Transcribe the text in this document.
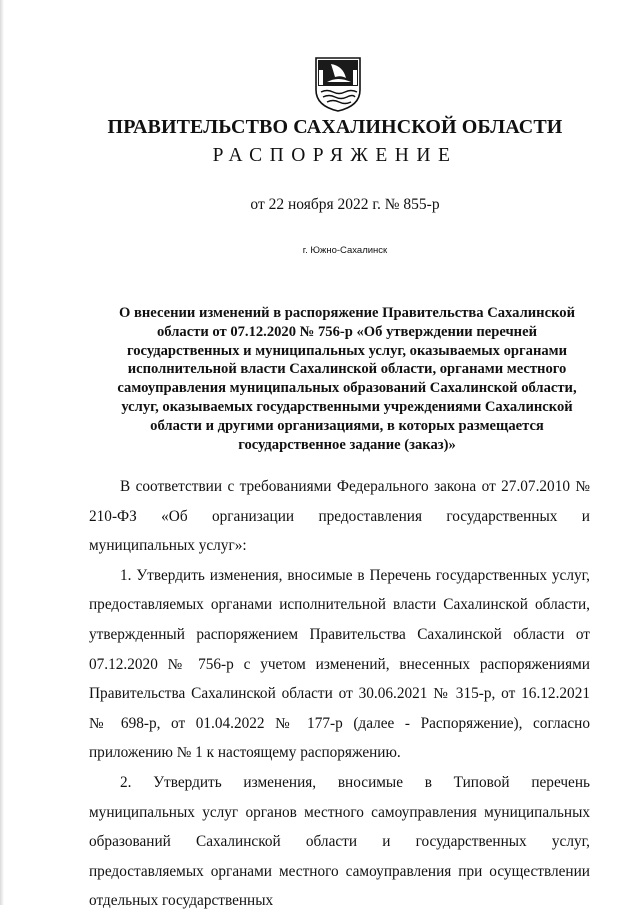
ПРАВИТЕЛЬСТВО САХАЛИНСКОЙ ОБЛАСТИ
РАСПОРЯЖЕНИЕ
от 22 ноября 2022 г. № 855-р
г. Южно-Сахалинск
О внесении изменений в распоряжение Правительства Сахалинской области от 07.12.2020 № 756-р «Об утверждении перечней государственных и муниципальных услуг, оказываемых органами исполнительной власти Сахалинской области, органами местного самоуправления муниципальных образований Сахалинской области, услуг, оказываемых государственными учреждениями Сахалинской области и другими организациями, в которых размещается государственное задание (заказ)»

В соответствии с требованиями Федерального закона от 27.07.2010 № 210-ФЗ «Об организации предоставления государственных и муниципальных услуг»:

1. Утвердить изменения, вносимые в Перечень государственных услуг, предоставляемых органами исполнительной власти Сахалинской области, утвержденный распоряжением Правительства Сахалинской области от 07.12.2020 № 756-р с учетом изменений, внесенных распоряжениями Правительства Сахалинской области от 30.06.2021 № 315-р, от 16.12.2021 № 698-р, от 01.04.2022 № 177-р (далее - Распоряжение), согласно приложению № 1 к настоящему распоряжению.

2. Утвердить изменения, вносимые в Типовой перечень муниципальных услуг органов местного самоуправления муниципальных образований Сахалинской области и государственных услуг, предоставляемых органами местного самоуправления при осуществлении отдельных государственных
